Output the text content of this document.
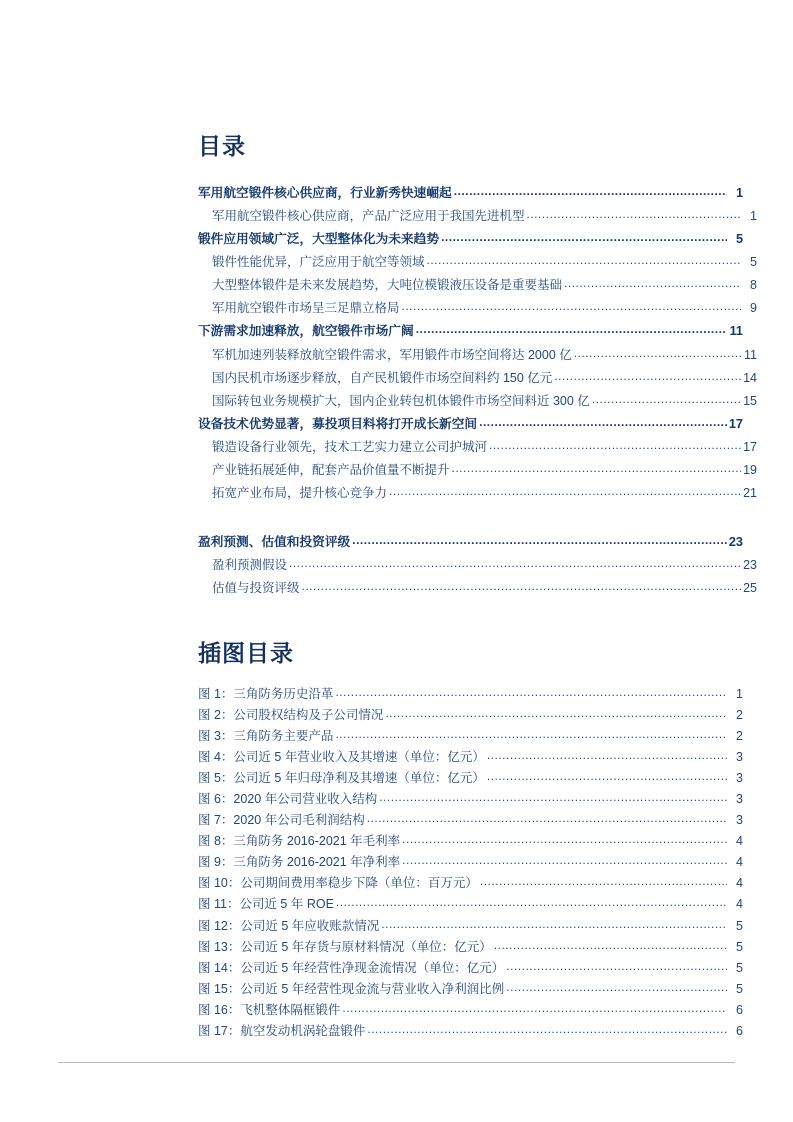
目录
军用航空锻件核心供应商，行业新秀快速崛起 .....	1
军用航空锻件核心供应商，产品广泛应用于我国先进机型 .....	1
锻件应用领域广泛，大型整体化为未来趋势 .....	5
锻件性能优异，广泛应用于航空等领域 .....	5
大型整体锻件是未来发展趋势，大吨位模锻液压设备是重要基础 .....	8
军用航空锻件市场呈三足鼎立格局 .....	9
下游需求加速释放，航空锻件市场广阔 .....	11
军机加速列装释放航空锻件需求，军用锻件市场空间将达 2000 亿 .....	11
国内民机市场逐步释放，自产民机锻件市场空间料约 150 亿元 .....	14
国际转包业务规模扩大，国内企业转包机体锻件市场空间料近 300 亿 .....	15
设备技术优势显著，募投项目料将打开成长新空间 .....	17
锻造设备行业领先，技术工艺实力建立公司护城河 .....	17
产业链拓展延伸，配套产品价值量不断提升 .....	19
拓宽产业布局，提升核心竞争力 .....	21
盈利预测、估值和投资评级 .....	23
盈利预测假设 .....	23
估值与投资评级 .....	25
插图目录
图 1：三角防务历史沿革 .....	1
图 2：公司股权结构及子公司情况 .....	2
图 3：三角防务主要产品 .....	2
图 4：公司近 5 年营业收入及其增速（单位：亿元） .....	3
图 5：公司近 5 年归母净利及其增速（单位：亿元） .....	3
图 6：2020 年公司营业收入结构 .....	3
图 7：2020 年公司毛利润结构 .....	3
图 8：三角防务 2016-2021 年毛利率 .....	4
图 9：三角防务 2016-2021 年净利率 .....	4
图 10：公司期间费用率稳步下降（单位：百万元） .....	4
图 11：公司近 5 年 ROE .....	4
图 12：公司近 5 年应收账款情况 .....	5
图 13：公司近 5 年存货与原材料情况（单位：亿元） .....	5
图 14：公司近 5 年经营性净现金流情况（单位：亿元） .....	5
图 15：公司近 5 年经营性现金流与营业收入净利润比例 .....	5
图 16：飞机整体隔框锻件 .....	6
图 17：航空发动机涡轮盘锻件 .....	6
